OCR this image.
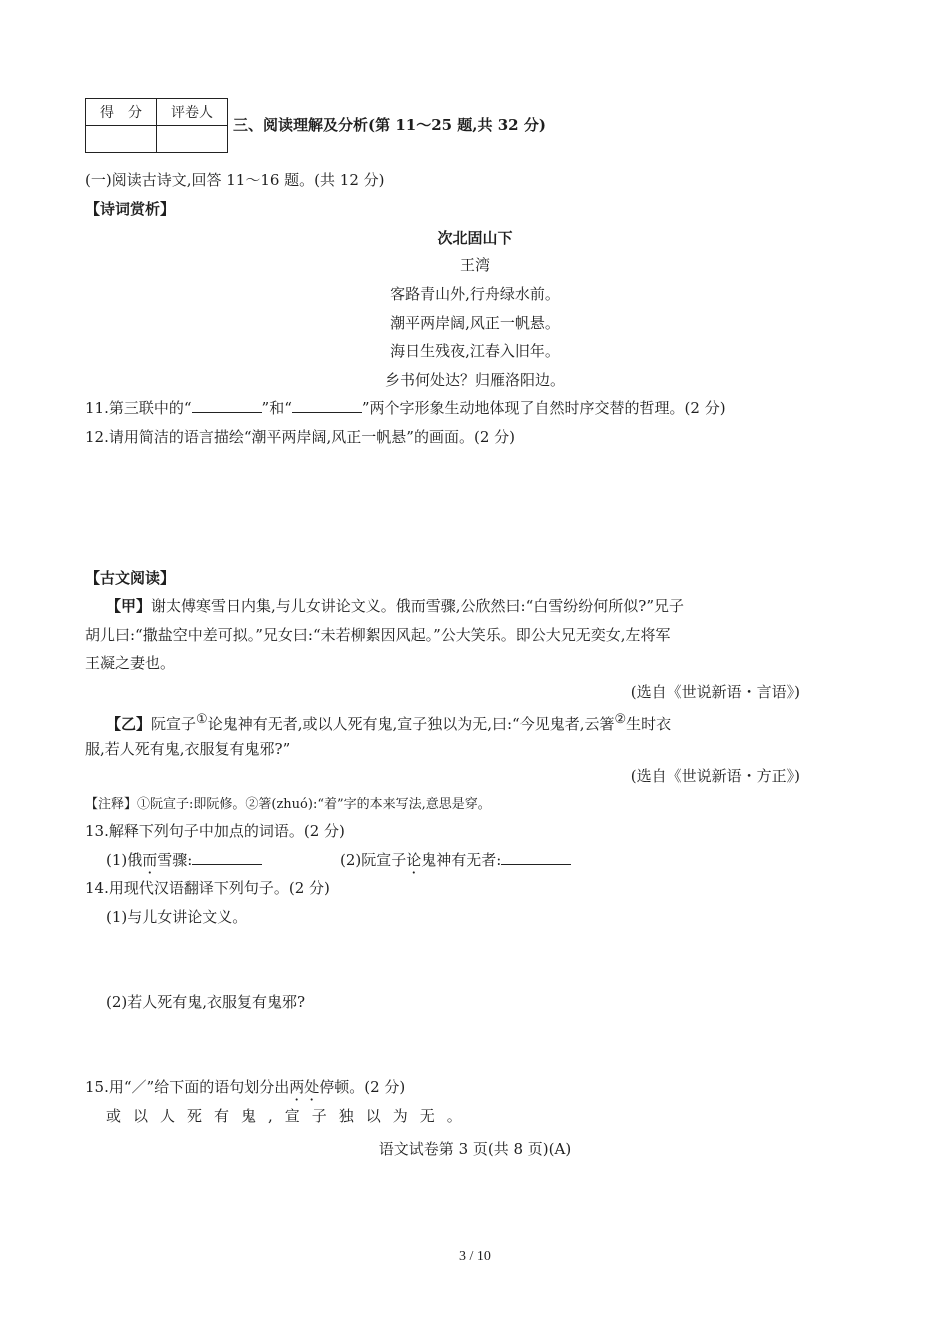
得　分	评卷人

三、阅读理解及分析(第 11～25 题,共 32 分)
(一)阅读古诗文,回答 11～16 题。(共 12 分)
【诗词赏析】
次北固山下
王湾
客路青山外,行舟绿水前。
潮平两岸阔,风正一帆悬。
海日生残夜,江春入旧年。
乡书何处达？归雁洛阳边。
11.第三联中的“	”和“	”两个字形象生动地体现了自然时序交替的哲理。(2 分)
12.请用简洁的语言描绘“潮平两岸阔,风正一帆悬”的画面。(2 分)
【古文阅读】
【甲】谢太傅寒雪日内集,与儿女讲论文义。俄而雪骤,公欣然曰:“白雪纷纷何所似?”兄子
胡儿曰:“撒盐空中差可拟。”兄女曰:“未若柳絮因风起。”公大笑乐。即公大兄无奕女,左将军
王凝之妻也。
(选自《世说新语・言语》)
【乙】阮宣子①论鬼神有无者,或以人死有鬼,宣子独以为无,曰:“今见鬼者,云箸②生时衣
服,若人死有鬼,衣服复有鬼邪?”
(选自《世说新语・方正》)
【注释】①阮宣子:即阮修。②箸(zhuó):“着”字的本来写法,意思是穿。
13.解释下列句子中加点的词语。(2 分)
(1)俄而雪骤:	(2)阮宣子论鬼神有无者:
14.用现代汉语翻译下列句子。(2 分)
(1)与儿女讲论文义。
(2)若人死有鬼,衣服复有鬼邪?
15.用“／”给下面的语句划分出两处停顿。(2 分)
或以人死有鬼,宣子独以为无。
语文试卷第 3 页(共 8 页)(A)
3 / 10
